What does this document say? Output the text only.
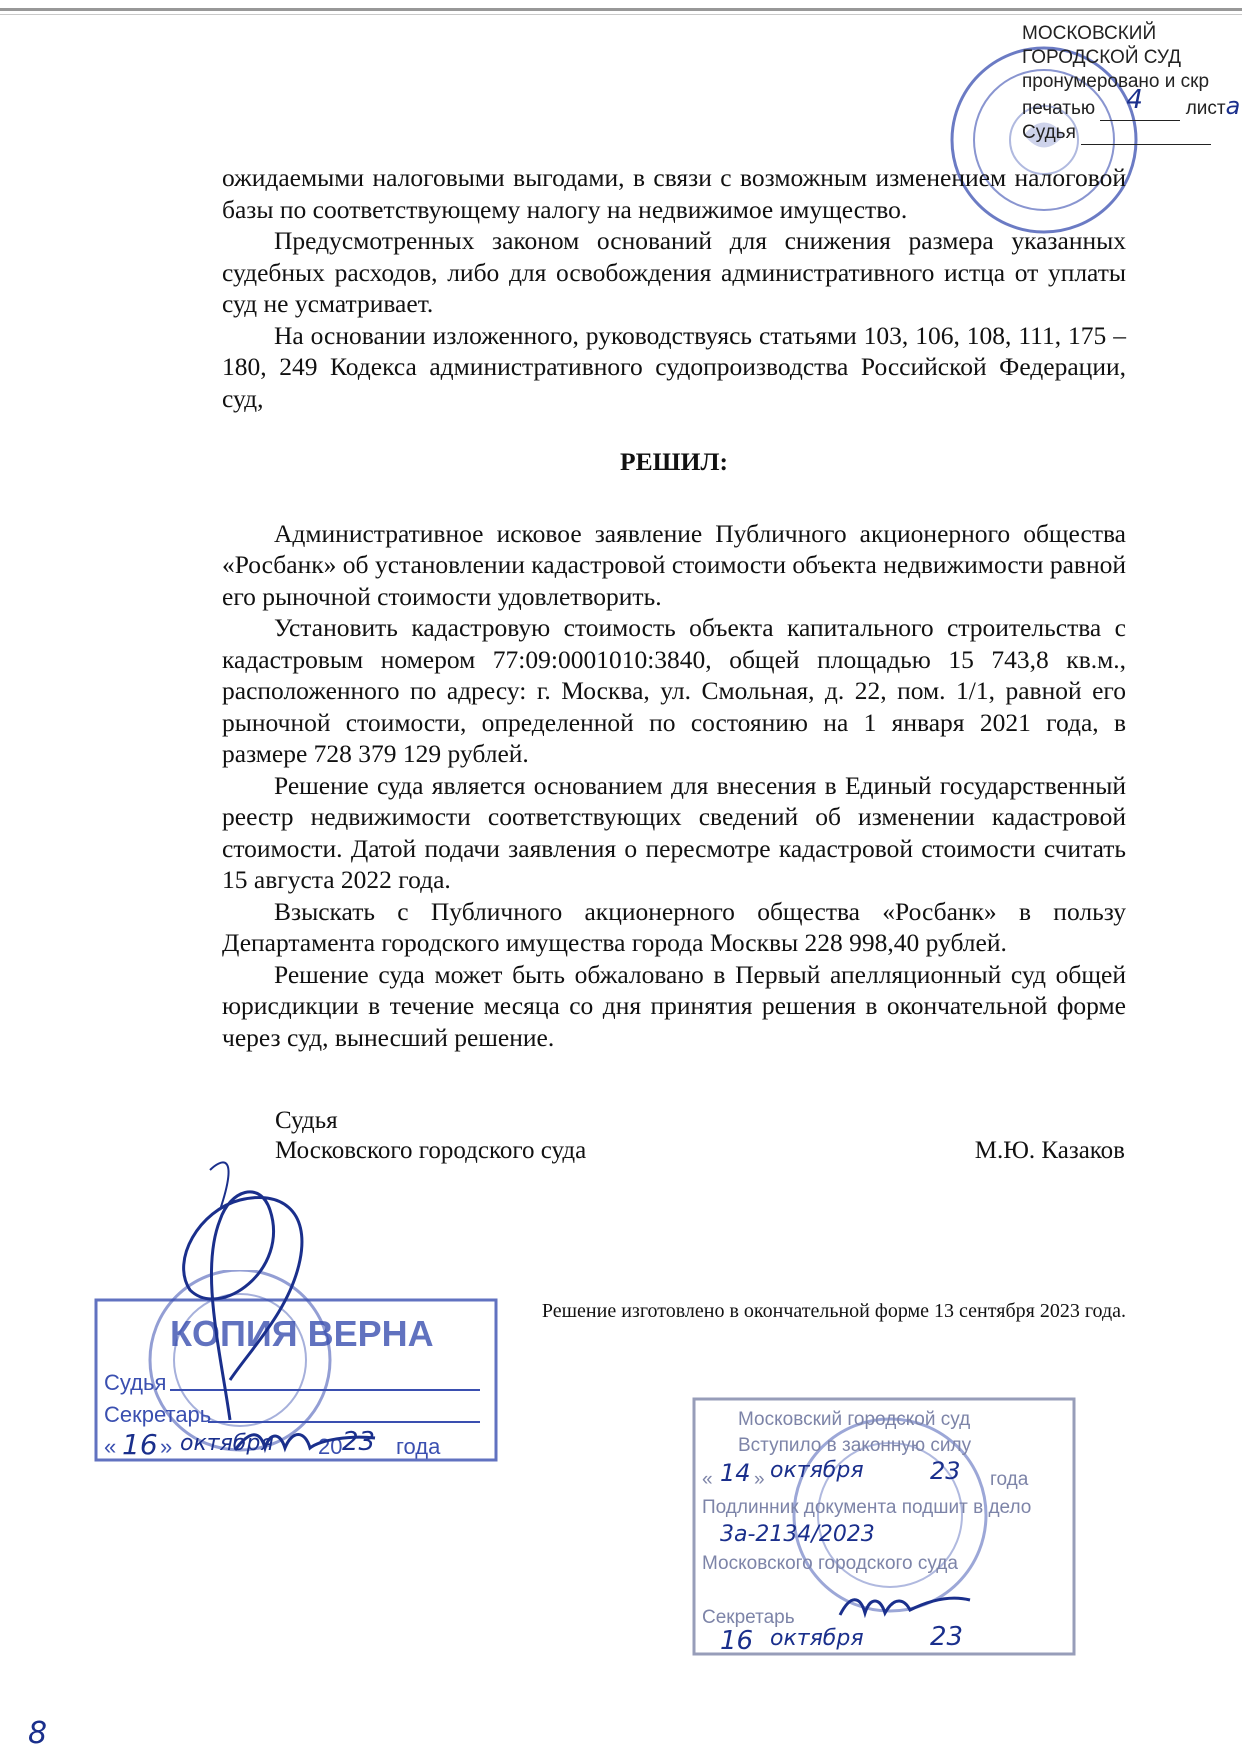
МОСКОВСКИЙ
ГОРОДСКОЙ СУД
пронумеровано и скр
печатью 4 листа
Судья

ожидаемыми налоговыми выгодами, в связи с возможным изменением налоговой базы по соответствующему налогу на недвижимое имущество.

Предусмотренных законом оснований для снижения размера указанных судебных расходов, либо для освобождения административного истца от уплаты суд не усматривает.

На основании изложенного, руководствуясь статьями 103, 106, 108, 111, 175 – 180, 249 Кодекса административного судопроизводства Российской Федерации, суд,

РЕШИЛ:

Административное исковое заявление Публичного акционерного общества «Росбанк» об установлении кадастровой стоимости объекта недвижимости равной его рыночной стоимости удовлетворить.

Установить кадастровую стоимость объекта капитального строительства с кадастровым номером 77:09:0001010:3840, общей площадью 15 743,8 кв.м., расположенного по адресу: г. Москва, ул. Смольная, д. 22, пом. 1/1, равной его рыночной стоимости, определенной по состоянию на 1 января 2021 года, в размере 728 379 129 рублей.

Решение суда является основанием для внесения в Единый государственный реестр недвижимости соответствующих сведений об изменении кадастровой стоимости. Датой подачи заявления о пересмотре кадастровой стоимости считать 15 августа 2022 года.

Взыскать с Публичного акционерного общества «Росбанк» в пользу Департамента городского имущества города Москвы 228 998,40 рублей.

Решение суда может быть обжаловано в Первый апелляционный суд общей юрисдикции в течение месяца со дня принятия решения в окончательной форме через суд, вынесший решение.

Судья
Московского городского суда	М.Ю. Казаков
Решение изготовлено в окончательной форме 13 сентября 2023 года.
КОПИЯ ВЕРНА
Судья
Секретарь
« 16 » октября 20 23 года
Московский городской суд
Вступило в законную силу
« 14 » октября	23 года
Подлинник документа подшит в дело
3а-2134/2023
Московского городского суда
Секретарь
16 октября	23
8
